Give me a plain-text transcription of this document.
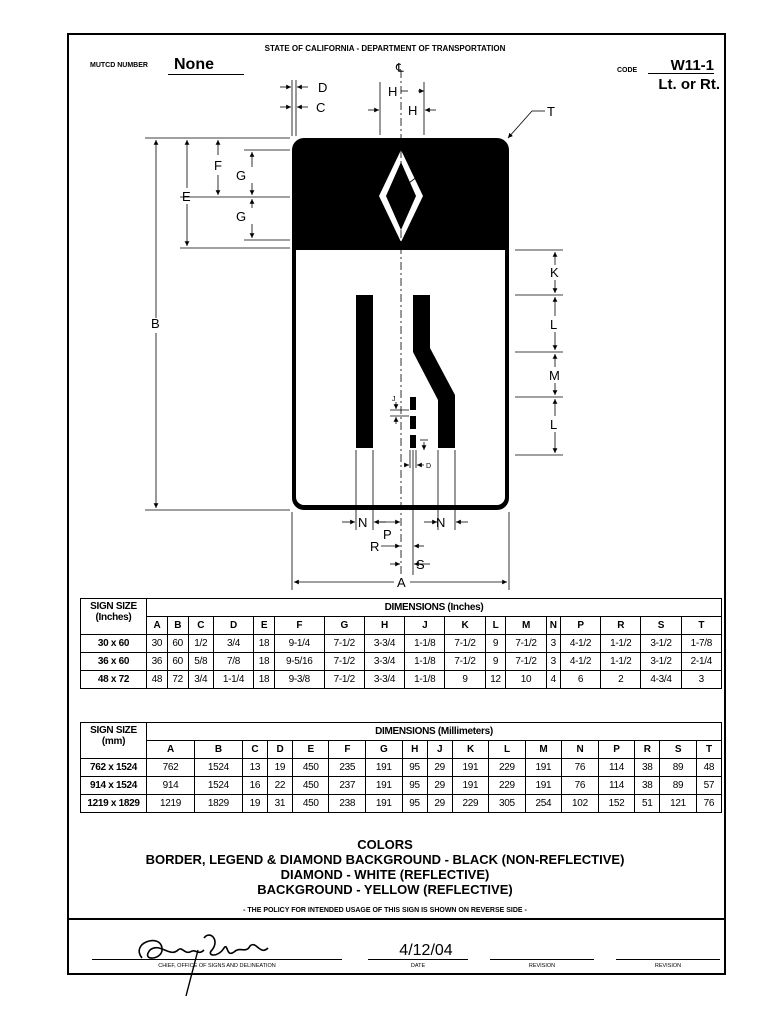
STATE OF CALIFORNIA - DEPARTMENT OF TRANSPORTATION
MUTCD NUMBER	None	CODE	W11-1
Lt. or Rt.
℄
B
E
F
G
G
D
C
H
H	T
J
K
L
M
L
N
P
N
R
S
A
J
D
SIGN SIZE
(Inches)	DIMENSIONS (Inches)																
	A	B	C	D	E	F	G	H	J	K	L	M	N	P	R	S	T
30 x 60	30	60	1/2	3/4	18	9-1/4	7-1/2	3-3/4	1-1/8	7-1/2	9	7-1/2	3	4-1/2	1-1/2	3-1/2	1-7/8
36 x 60	36	60	5/8	7/8	18	9-5/16	7-1/2	3-3/4	1-1/8	7-1/2	9	7-1/2	3	4-1/2	1-1/2	3-1/2	2-1/4
48 x 72	48	72	3/4	1-1/4	18	9-3/8	7-1/2	3-3/4	1-1/8	9	12	10	4	6	2	4-3/4	3
SIGN SIZE
(mm)	DIMENSIONS (Millimeters)																
	A	B	C	D	E	F	G	H	J	K	L	M	N	P	R	S	T
762 x 1524	762	1524	13	19	450	235	191	95	29	191	229	191	76	114	38	89	48
914 x 1524	914	1524	16	22	450	237	191	95	29	191	229	191	76	114	38	89	57
1219 x 1829	1219	1829	19	31	450	238	191	95	29	229	305	254	102	152	51	121	76
COLORS
BORDER, LEGEND & DIAMOND BACKGROUND - BLACK (NON-REFLECTIVE)
DIAMOND - WHITE (REFLECTIVE)
BACKGROUND - YELLOW (REFLECTIVE)
- THE POLICY FOR INTENDED USAGE OF THIS SIGN IS SHOWN ON REVERSE SIDE -
CHIEF, OFFICE OF SIGNS AND DELINEATION
4/12/04
DATE	REVISION	REVISION
